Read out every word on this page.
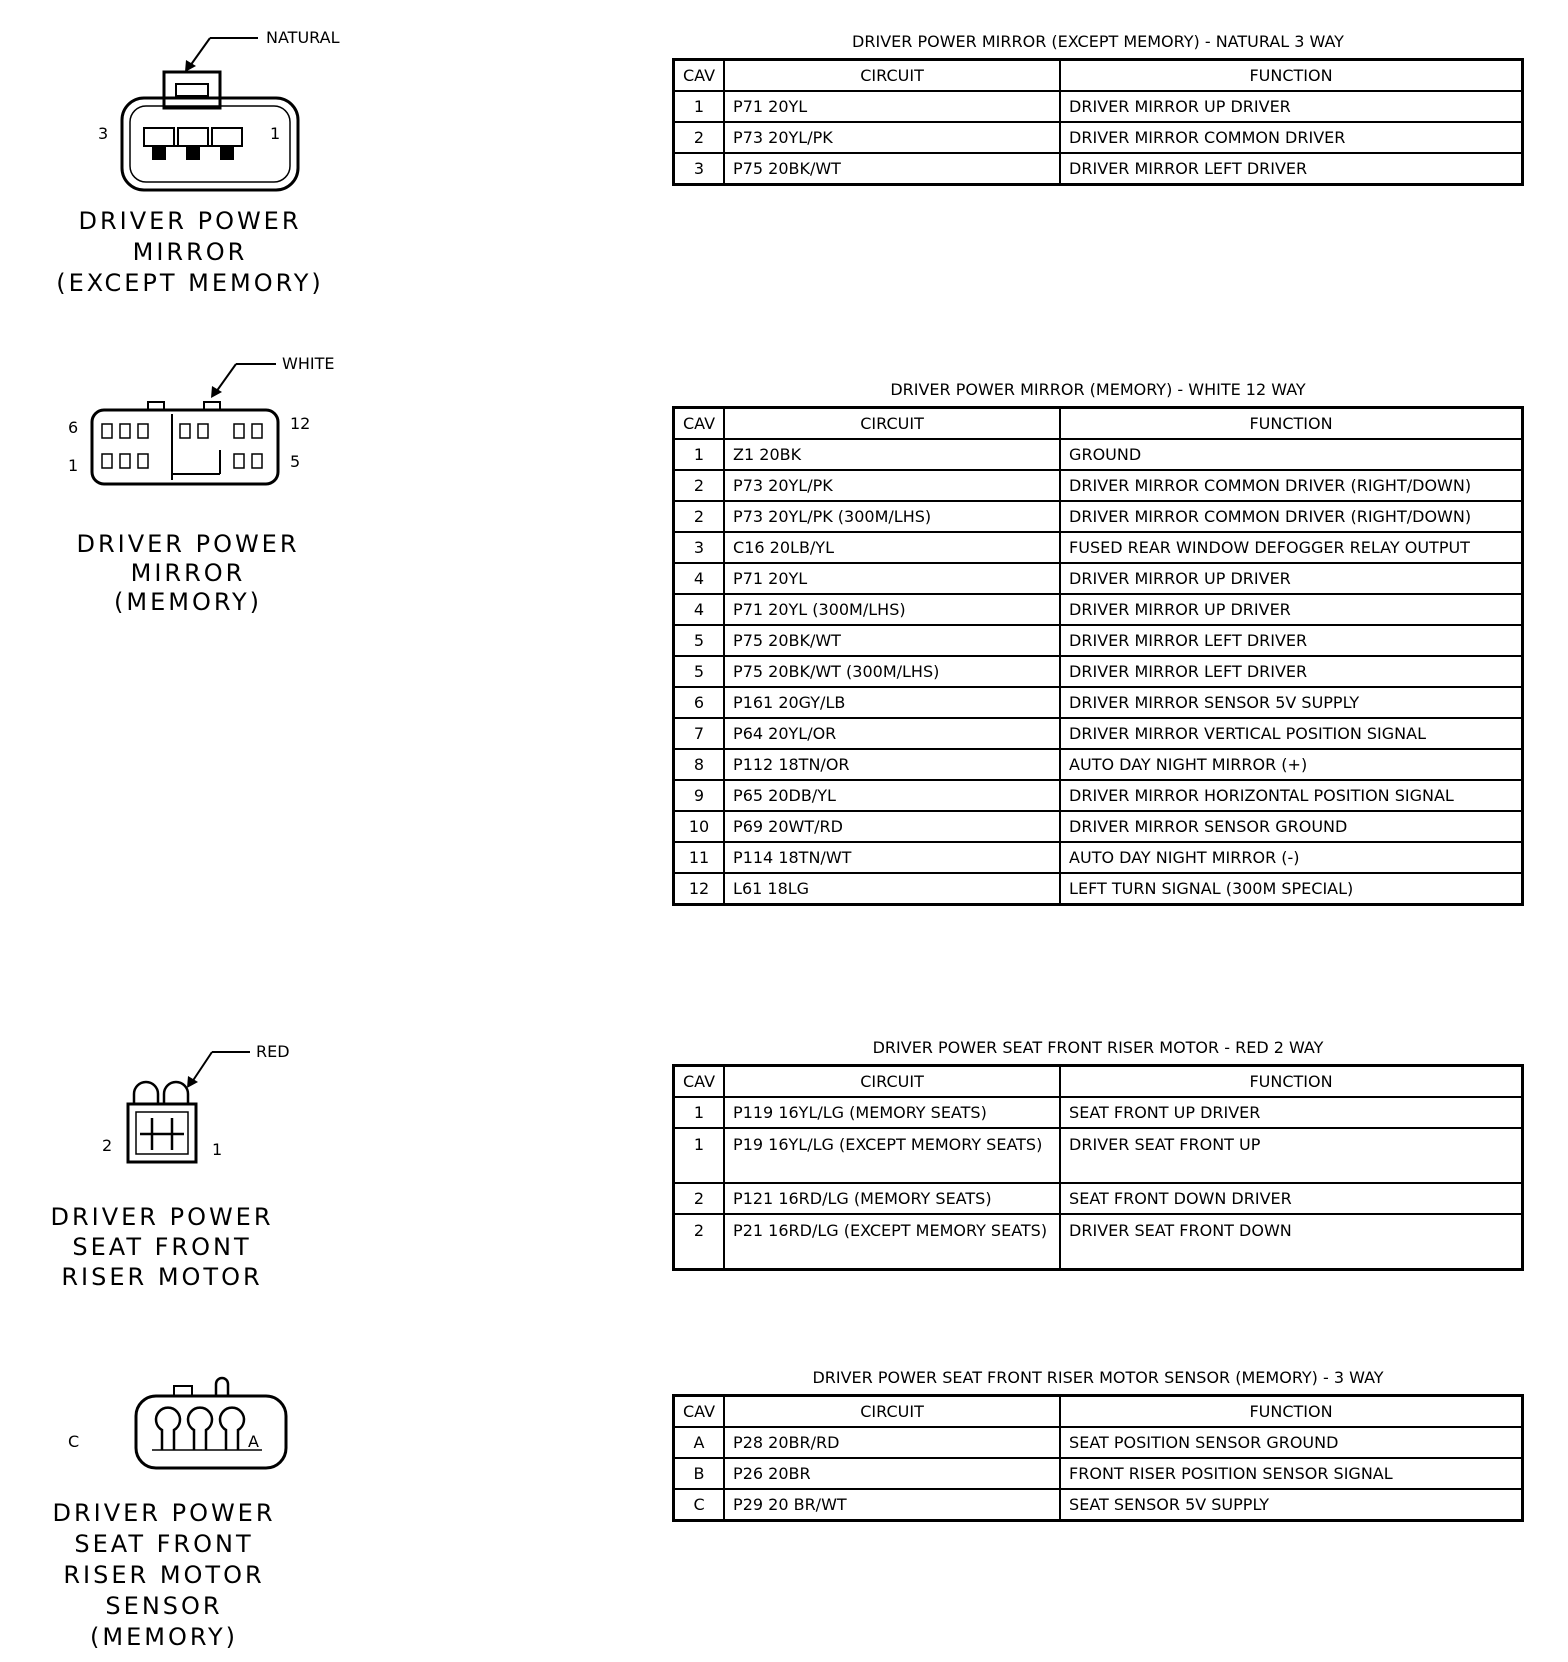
NATURAL
3	1
DRIVER POWER
MIRROR
(EXCEPT MEMORY)
DRIVER POWER MIRROR (EXCEPT MEMORY) - NATURAL 3 WAY
CAV	CIRCUIT	FUNCTION
1	P71 20YL	DRIVER MIRROR UP DRIVER
2	P73 20YL/PK	DRIVER MIRROR COMMON DRIVER
3	P75 20BK/WT	DRIVER MIRROR LEFT DRIVER
WHITE
6	12
1	5
DRIVER POWER
MIRROR
(MEMORY)
DRIVER POWER MIRROR (MEMORY) - WHITE 12 WAY
CAV	CIRCUIT	FUNCTION
1	Z1 20BK	GROUND
2	P73 20YL/PK	DRIVER MIRROR COMMON DRIVER (RIGHT/DOWN)
2	P73 20YL/PK (300M/LHS)	DRIVER MIRROR COMMON DRIVER (RIGHT/DOWN)
3	C16 20LB/YL	FUSED REAR WINDOW DEFOGGER RELAY OUTPUT
4	P71 20YL	DRIVER MIRROR UP DRIVER
4	P71 20YL (300M/LHS)	DRIVER MIRROR UP DRIVER
5	P75 20BK/WT	DRIVER MIRROR LEFT DRIVER
5	P75 20BK/WT (300M/LHS)	DRIVER MIRROR LEFT DRIVER
6	P161 20GY/LB	DRIVER MIRROR SENSOR 5V SUPPLY
7	P64 20YL/OR	DRIVER MIRROR VERTICAL POSITION SIGNAL
8	P112 18TN/OR	AUTO DAY NIGHT MIRROR (+)
9	P65 20DB/YL	DRIVER MIRROR HORIZONTAL POSITION SIGNAL
10	P69 20WT/RD	DRIVER MIRROR SENSOR GROUND
11	P114 18TN/WT	AUTO DAY NIGHT MIRROR (-)
12	L61 18LG	LEFT TURN SIGNAL (300M SPECIAL)
RED
2	1
DRIVER POWER
SEAT FRONT
RISER MOTOR
DRIVER POWER SEAT FRONT RISER MOTOR - RED 2 WAY
CAV	CIRCUIT	FUNCTION
1	P119 16YL/LG (MEMORY SEATS)	SEAT FRONT UP DRIVER
1	P19 16YL/LG (EXCEPT MEMORY SEATS)	DRIVER SEAT FRONT UP
2	P121 16RD/LG (MEMORY SEATS)	SEAT FRONT DOWN DRIVER
2	P21 16RD/LG (EXCEPT MEMORY SEATS)	DRIVER SEAT FRONT DOWN
C	A
DRIVER POWER
SEAT FRONT
RISER MOTOR
SENSOR
(MEMORY)
DRIVER POWER SEAT FRONT RISER MOTOR SENSOR (MEMORY) - 3 WAY
CAV	CIRCUIT	FUNCTION
A	P28 20BR/RD	SEAT POSITION SENSOR GROUND
B	P26 20BR	FRONT RISER POSITION SENSOR SIGNAL
C	P29 20 BR/WT	SEAT SENSOR 5V SUPPLY
